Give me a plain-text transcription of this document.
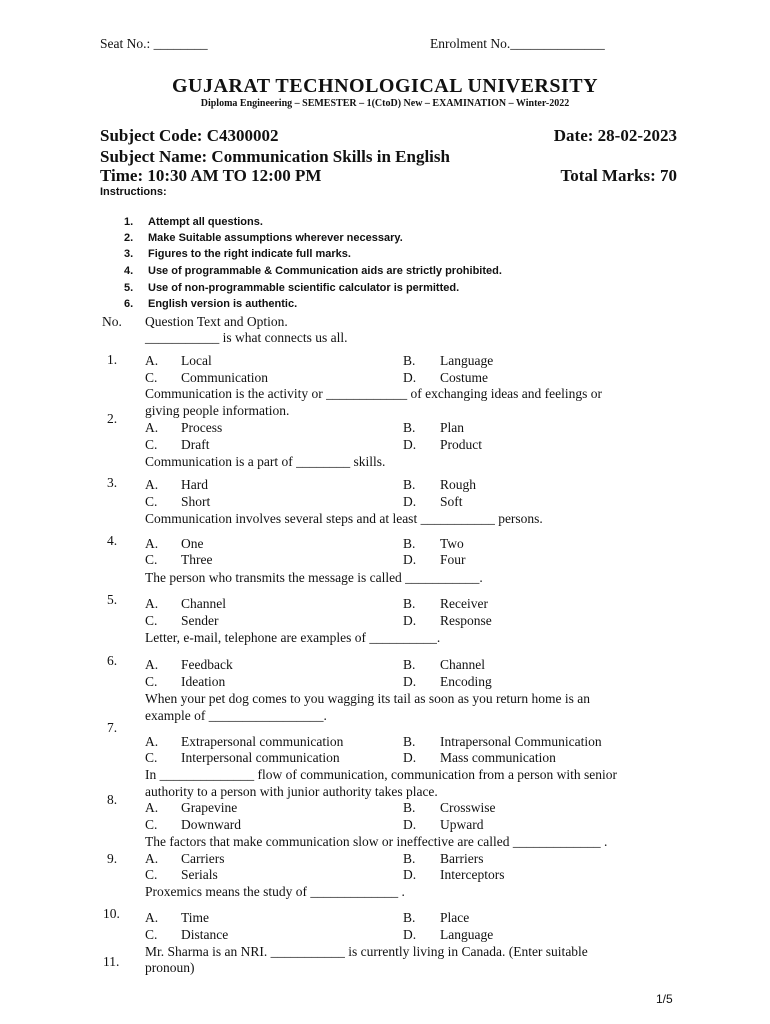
Seat No.: ________	Enrolment No.______________
GUJARAT TECHNOLOGICAL UNIVERSITY
Diploma Engineering – SEMESTER – 1(CtoD) New – EXAMINATION – Winter-2022
Subject Code: C4300002	Date: 28-02-2023
Subject Name: Communication Skills in English
Time: 10:30 AM TO 12:00 PM	Total Marks: 70
Instructions:
1. Attempt all questions.
2. Make Suitable assumptions wherever necessary.
3. Figures to the right indicate full marks.
4. Use of programmable & Communication aids are strictly prohibited.
5. Use of non-programmable scientific calculator is permitted.
6. English version is authentic.
No. Question Text and Option.
1.
___________ is what connects us all.
A. Local	B. Language
C. Communication	D. Costume
2.
Communication is the activity or ____________ of exchanging ideas and feelings or
giving people information.
A. Process	B. Plan
C. Draft	D. Product
3.
Communication is a part of ________ skills.
A. Hard	B. Rough
C. Short	D. Soft
4.
Communication involves several steps and at least ___________ persons.
A. One	B. Two
C. Three	D. Four
5.
The person who transmits the message is called ___________.
A. Channel	B. Receiver
C. Sender	D. Response
6.
Letter, e-mail, telephone are examples of __________.
A. Feedback	B. Channel
C. Ideation	D. Encoding
7.
When your pet dog comes to you wagging its tail as soon as you return home is an
example of _________________.
A. Extrapersonal communication	B. Intrapersonal Communication
C. Interpersonal communication	D. Mass communication
8.
In ______________ flow of communication, communication from a person with senior
authority to a person with junior authority takes place.
A. Grapevine	B. Crosswise
C. Downward	D. Upward
9.
The factors that make communication slow or ineffective are called _____________ .
A. Carriers	B. Barriers
C. Serials	D. Interceptors
10.
Proxemics means the study of _____________ .
A. Time	B. Place
C. Distance	D. Language
11.
Mr. Sharma is an NRI. ___________ is currently living in Canada. (Enter suitable
pronoun)
1/5
